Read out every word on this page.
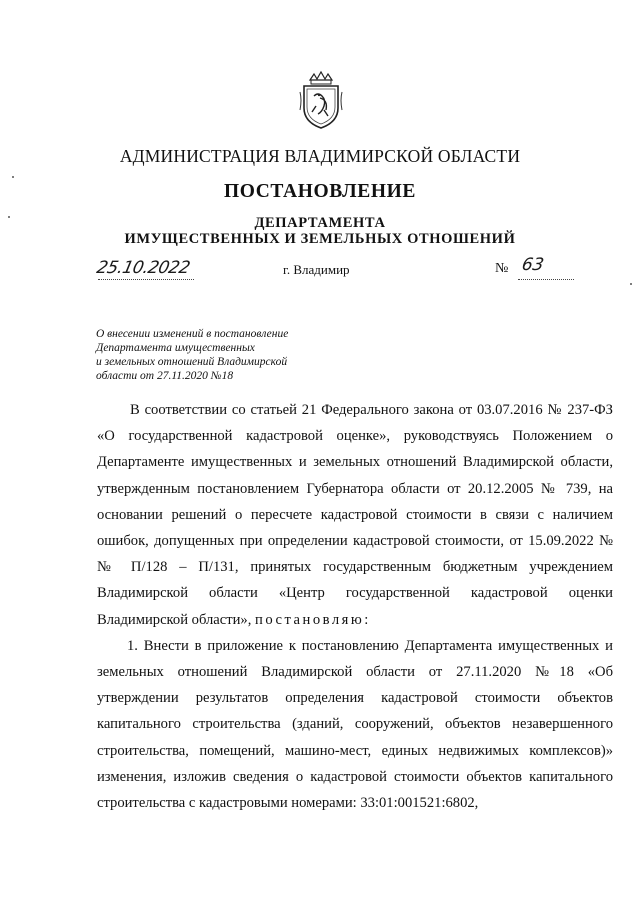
АДМИНИСТРАЦИЯ ВЛАДИМИРСКОЙ ОБЛАСТИ
ПОСТАНОВЛЕНИЕ
ДЕПАРТАМЕНТА
ИМУЩЕСТВЕННЫХ И ЗЕМЕЛЬНЫХ ОТНОШЕНИЙ
25.10.2022	г. Владимир	№ 63
О внесении изменений в постановление
Департамента имущественных
и земельных отношений Владимирской
области от 27.11.2020 №18

В соответствии со статьей 21 Федерального закона от 03.07.2016 № 237-ФЗ «О государственной кадастровой оценке», руководствуясь Положением о Департаменте имущественных и земельных отношений Владимирской области, утвержденным постановлением Губернатора области от 20.12.2005 № 739, на основании решений о пересчете кадастровой стоимости в связи с наличием ошибок, допущенных при определении кадастровой стоимости, от 15.09.2022 №№ П/128 – П/131, принятых государственным бюджетным учреждением Владимирской области «Центр государственной кадастровой оценки Владимирской области», постановляю:

1. Внести в приложение к постановлению Департамента имущественных и земельных отношений Владимирской области от 27.11.2020 №18 «Об утверждении результатов определения кадастровой стоимости объектов капитального строительства (зданий, сооружений, объектов незавершенного строительства, помещений, машино-мест, единых недвижимых комплексов)» изменения, изложив сведения о кадастровой стоимости объектов капитального строительства с кадастровыми номерами: 33:01:001521:6802,
